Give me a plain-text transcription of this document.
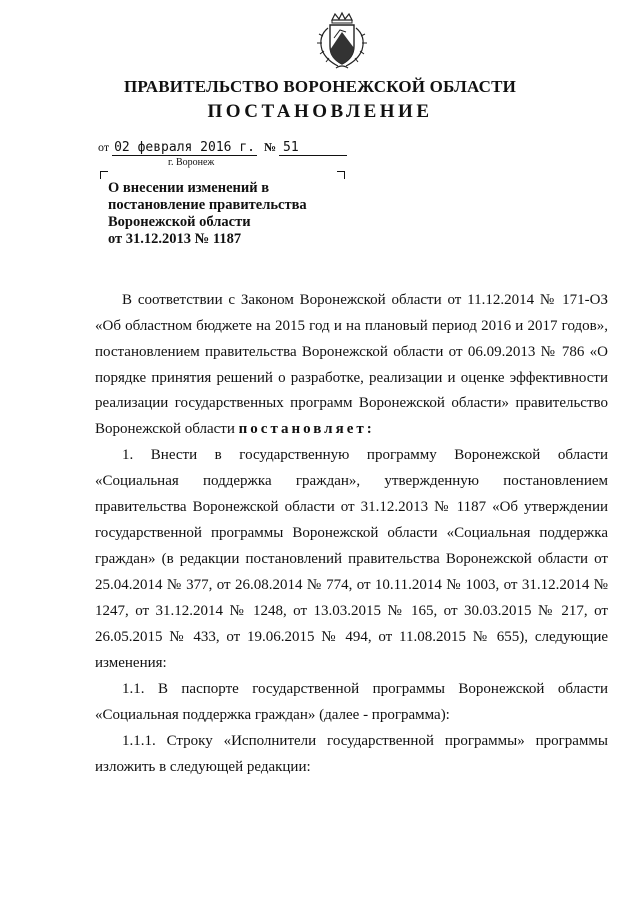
ПРАВИТЕЛЬСТВО ВОРОНЕЖСКОЙ ОБЛАСТИ
ПОСТАНОВЛЕНИЕ
от 02 февраля 2016 г. № 51
г. Воронеж
О внесении изменений в
постановление правительства
Воронежской области
от 31.12.2013 № 1187

В соответствии с Законом Воронежской области от 11.12.2014 № 171-ОЗ

«Об областном бюджете на 2015 год и на плановый период 2016 и 2017 годов»,

постановлением правительства Воронежской области от 06.09.2013 № 786 «О

порядке принятия решений о разработке, реализации и оценке эффективности

реализации государственных программ Воронежской области» правительство

Воронежской области постановляет:

1. Внести в государственную программу Воронежской области

«Социальная поддержка граждан», утвержденную постановлением

правительства Воронежской области от 31.12.2013 № 1187 «Об утверждении

государственной программы Воронежской области «Социальная поддержка

граждан» (в редакции постановлений правительства Воронежской области от

25.04.2014 № 377, от 26.08.2014 № 774, от 10.11.2014 № 1003, от 31.12.2014 №

1247, от 31.12.2014 № 1248, от 13.03.2015 № 165, от 30.03.2015 № 217, от

26.05.2015 № 433, от 19.06.2015 № 494, от 11.08.2015 № 655), следующие

изменения:

1.1. В паспорте государственной программы Воронежской области

«Социальная поддержка граждан» (далее - программа):

1.1.1. Строку «Исполнители государственной программы» программы

изложить в следующей редакции:
